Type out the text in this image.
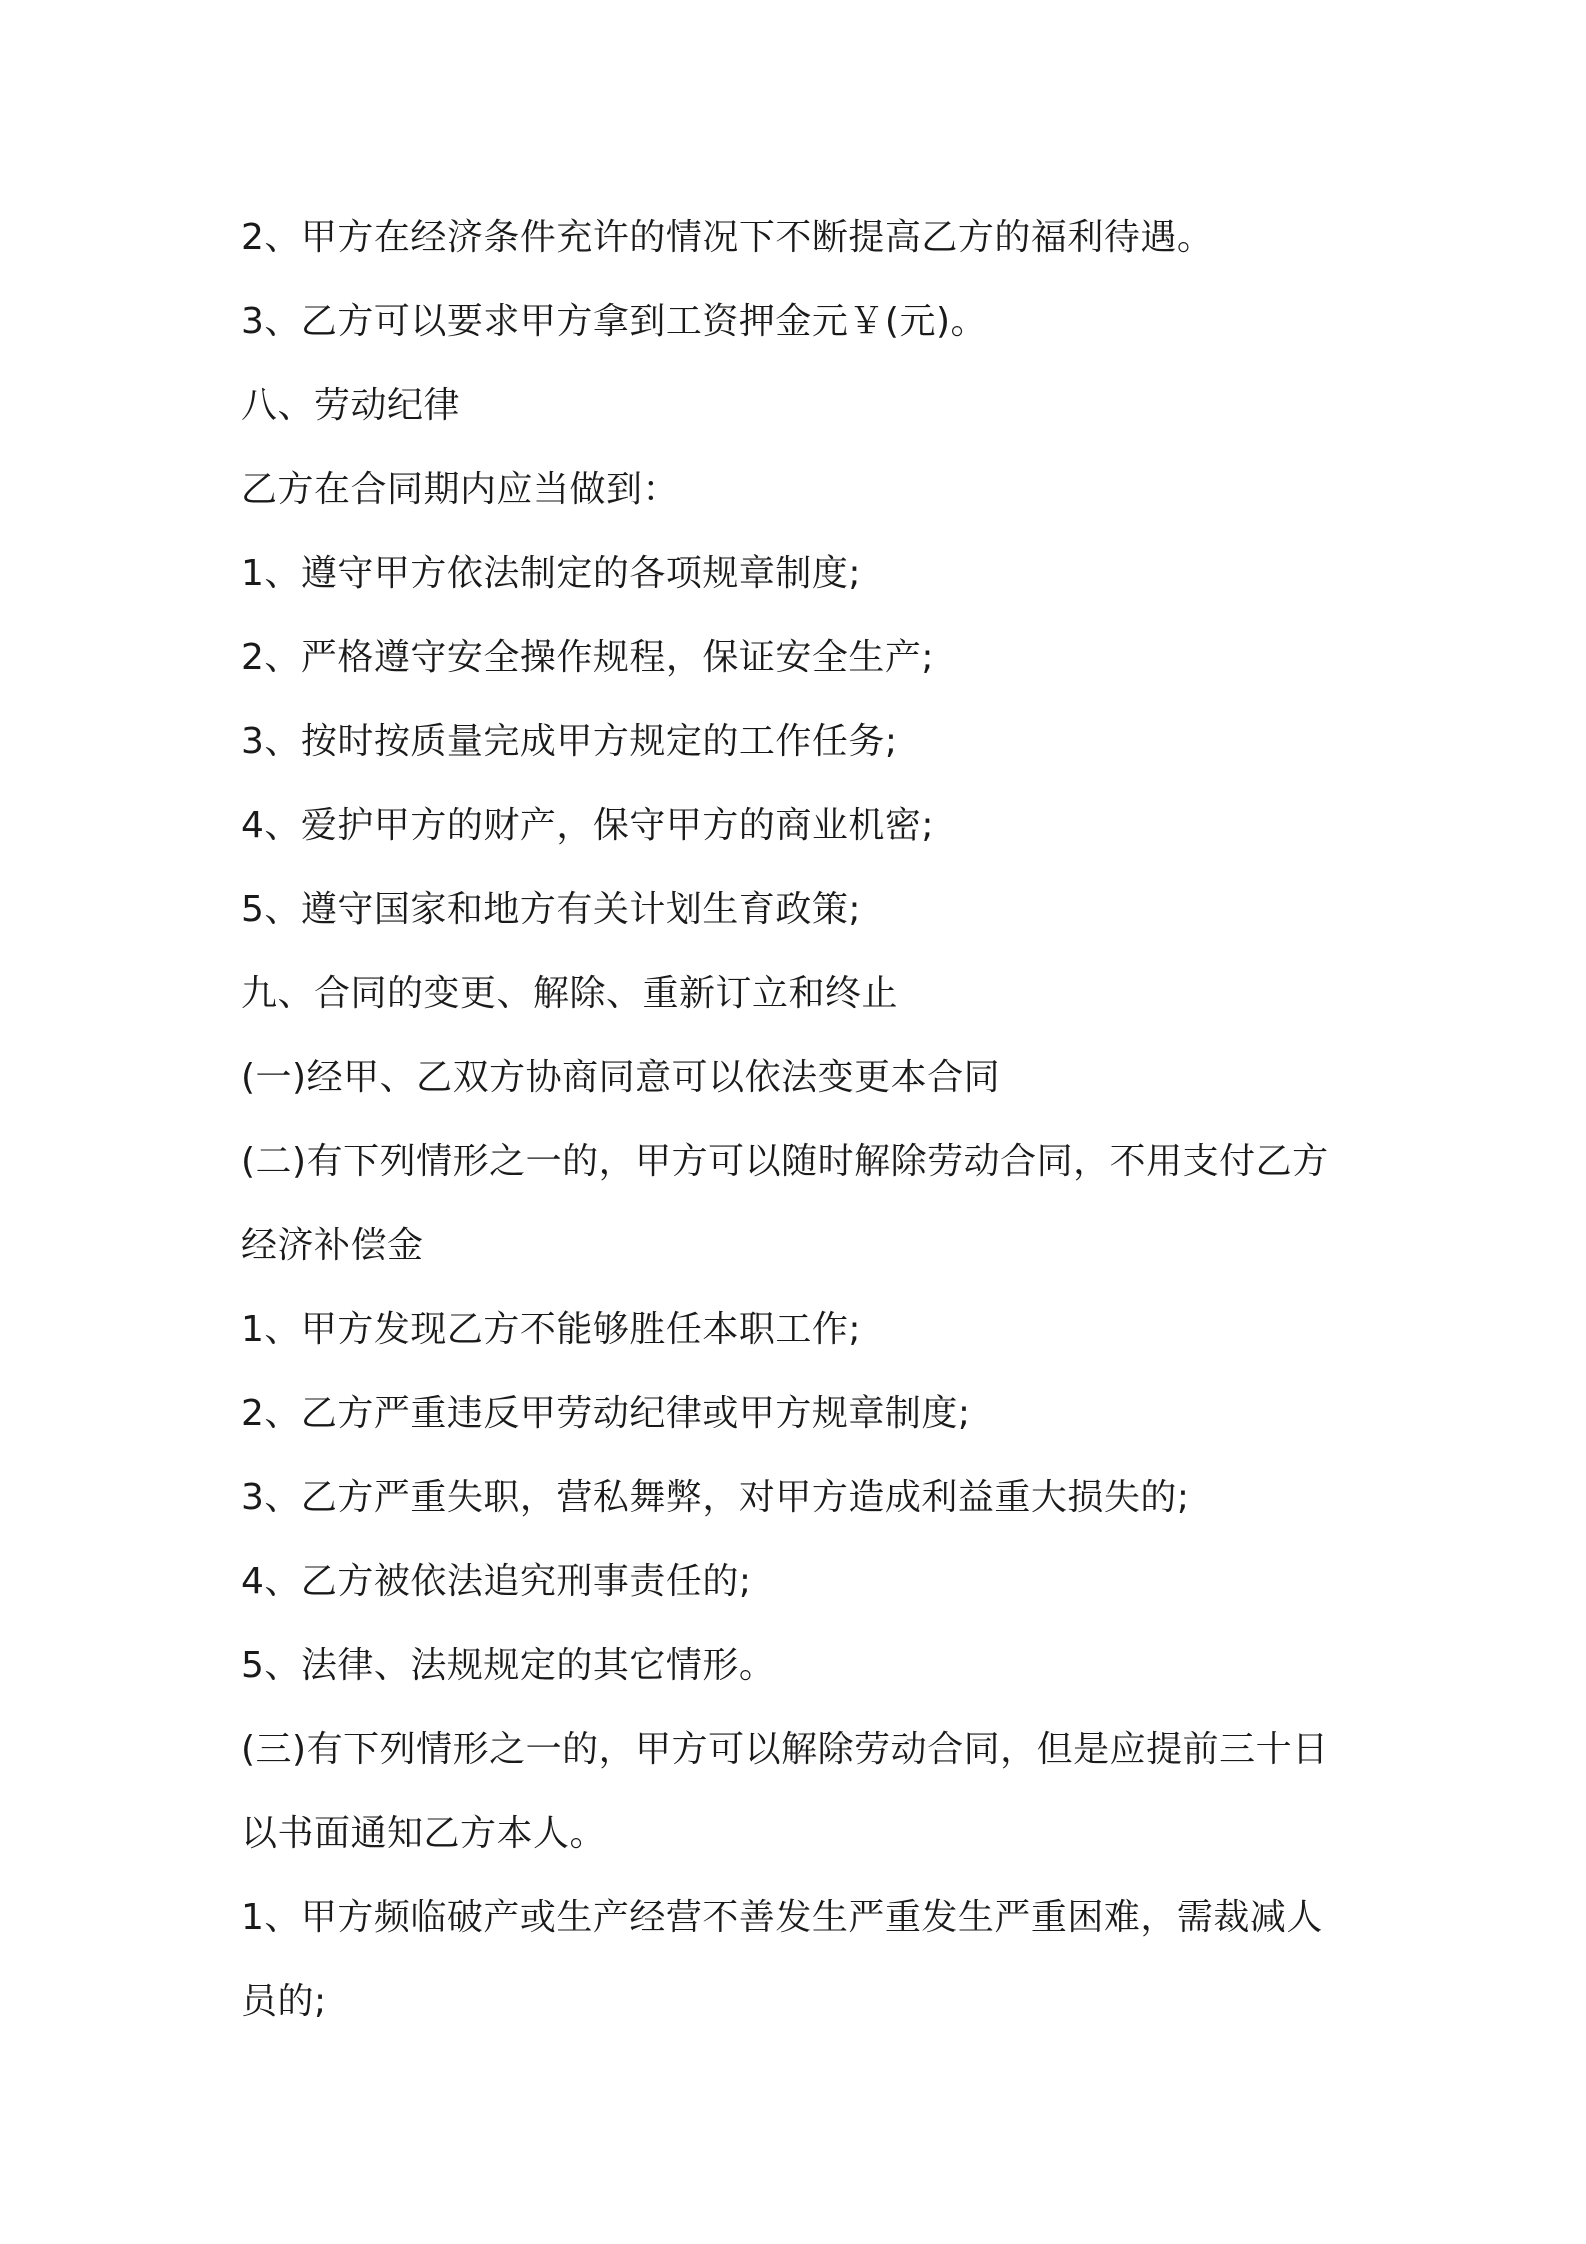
2、甲方在经济条件充许的情况下不断提高乙方的福利待遇。
3、乙方可以要求甲方拿到工资押金元￥(元)。
八、劳动纪律
乙方在合同期内应当做到：
1、遵守甲方依法制定的各项规章制度;
2、严格遵守安全操作规程，保证安全生产;
3、按时按质量完成甲方规定的工作任务;
4、爱护甲方的财产，保守甲方的商业机密;
5、遵守国家和地方有关计划生育政策;
九、合同的变更、解除、重新订立和终止
(一)经甲、乙双方协商同意可以依法变更本合同
(二)有下列情形之一的，甲方可以随时解除劳动合同，不用支付乙方
经济补偿金
1、甲方发现乙方不能够胜任本职工作;
2、乙方严重违反甲劳动纪律或甲方规章制度;
3、乙方严重失职，营私舞弊，对甲方造成利益重大损失的;
4、乙方被依法追究刑事责任的;
5、法律、法规规定的其它情形。
(三)有下列情形之一的，甲方可以解除劳动合同，但是应提前三十日
以书面通知乙方本人。
1、甲方频临破产或生产经营不善发生严重发生严重困难，需裁减人
员的;
